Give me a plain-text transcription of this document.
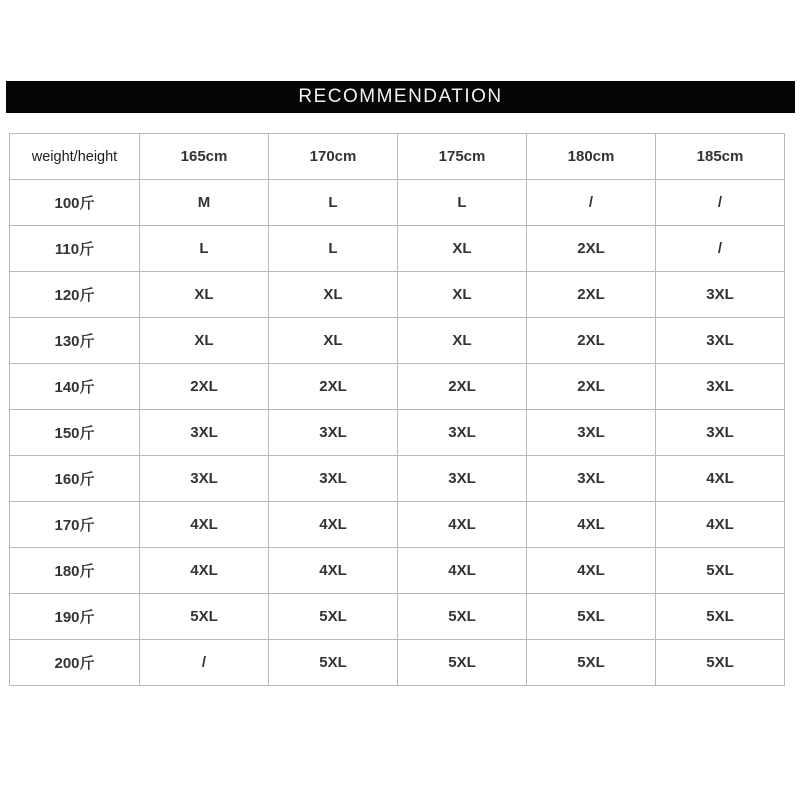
RECOMMENDATION
weight/height	165cm	170cm	175cm	180cm	185cm
100斤	M	L	L	/	/
110斤	L	L	XL	2XL	/
120斤	XL	XL	XL	2XL	3XL
130斤	XL	XL	XL	2XL	3XL
140斤	2XL	2XL	2XL	2XL	3XL
150斤	3XL	3XL	3XL	3XL	3XL
160斤	3XL	3XL	3XL	3XL	4XL
170斤	4XL	4XL	4XL	4XL	4XL
180斤	4XL	4XL	4XL	4XL	5XL
190斤	5XL	5XL	5XL	5XL	5XL
200斤	/	5XL	5XL	5XL	5XL
